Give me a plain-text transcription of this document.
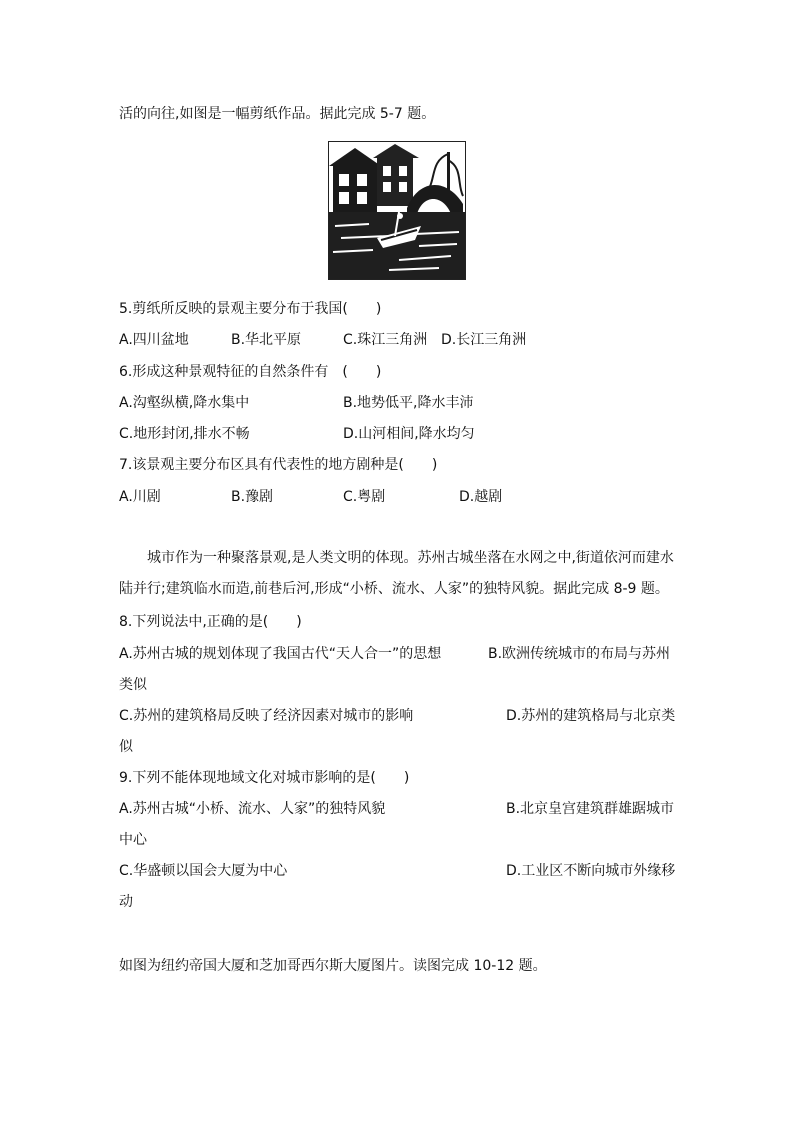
活的向往,如图是一幅剪纸作品。据此完成 5-7 题。
5.剪纸所反映的景观主要分布于我国(　　)
A.四川盆地	B.华北平原	C.珠江三角洲 D.长江三角洲
6.形成这种景观特征的自然条件有　(　　)
A.沟壑纵横,降水集中	B.地势低平,降水丰沛
C.地形封闭,排水不畅	D.山河相间,降水均匀
7.该景观主要分布区具有代表性的地方剧种是(　　)
A.川剧	B.豫剧	C.粤剧	D.越剧
城市作为一种聚落景观,是人类文明的体现。苏州古城坐落在水网之中,街道依河而建水
陆并行;建筑临水而造,前巷后河,形成“小桥、流水、人家”的独特风貌。据此完成 8-9 题。
8.下列说法中,正确的是(　　)
A.苏州古城的规划体现了我国古代“天人合一”的思想	B.欧洲传统城市的布局与苏州
类似
C.苏州的建筑格局反映了经济因素对城市的影响	D.苏州的建筑格局与北京类
似
9.下列不能体现地域文化对城市影响的是(　　)
A.苏州古城“小桥、流水、人家”的独特风貌	B.北京皇宫建筑群雄踞城市
中心
C.华盛顿以国会大厦为中心	D.工业区不断向城市外缘移
动
如图为纽约帝国大厦和芝加哥西尔斯大厦图片。读图完成 10-12 题。
